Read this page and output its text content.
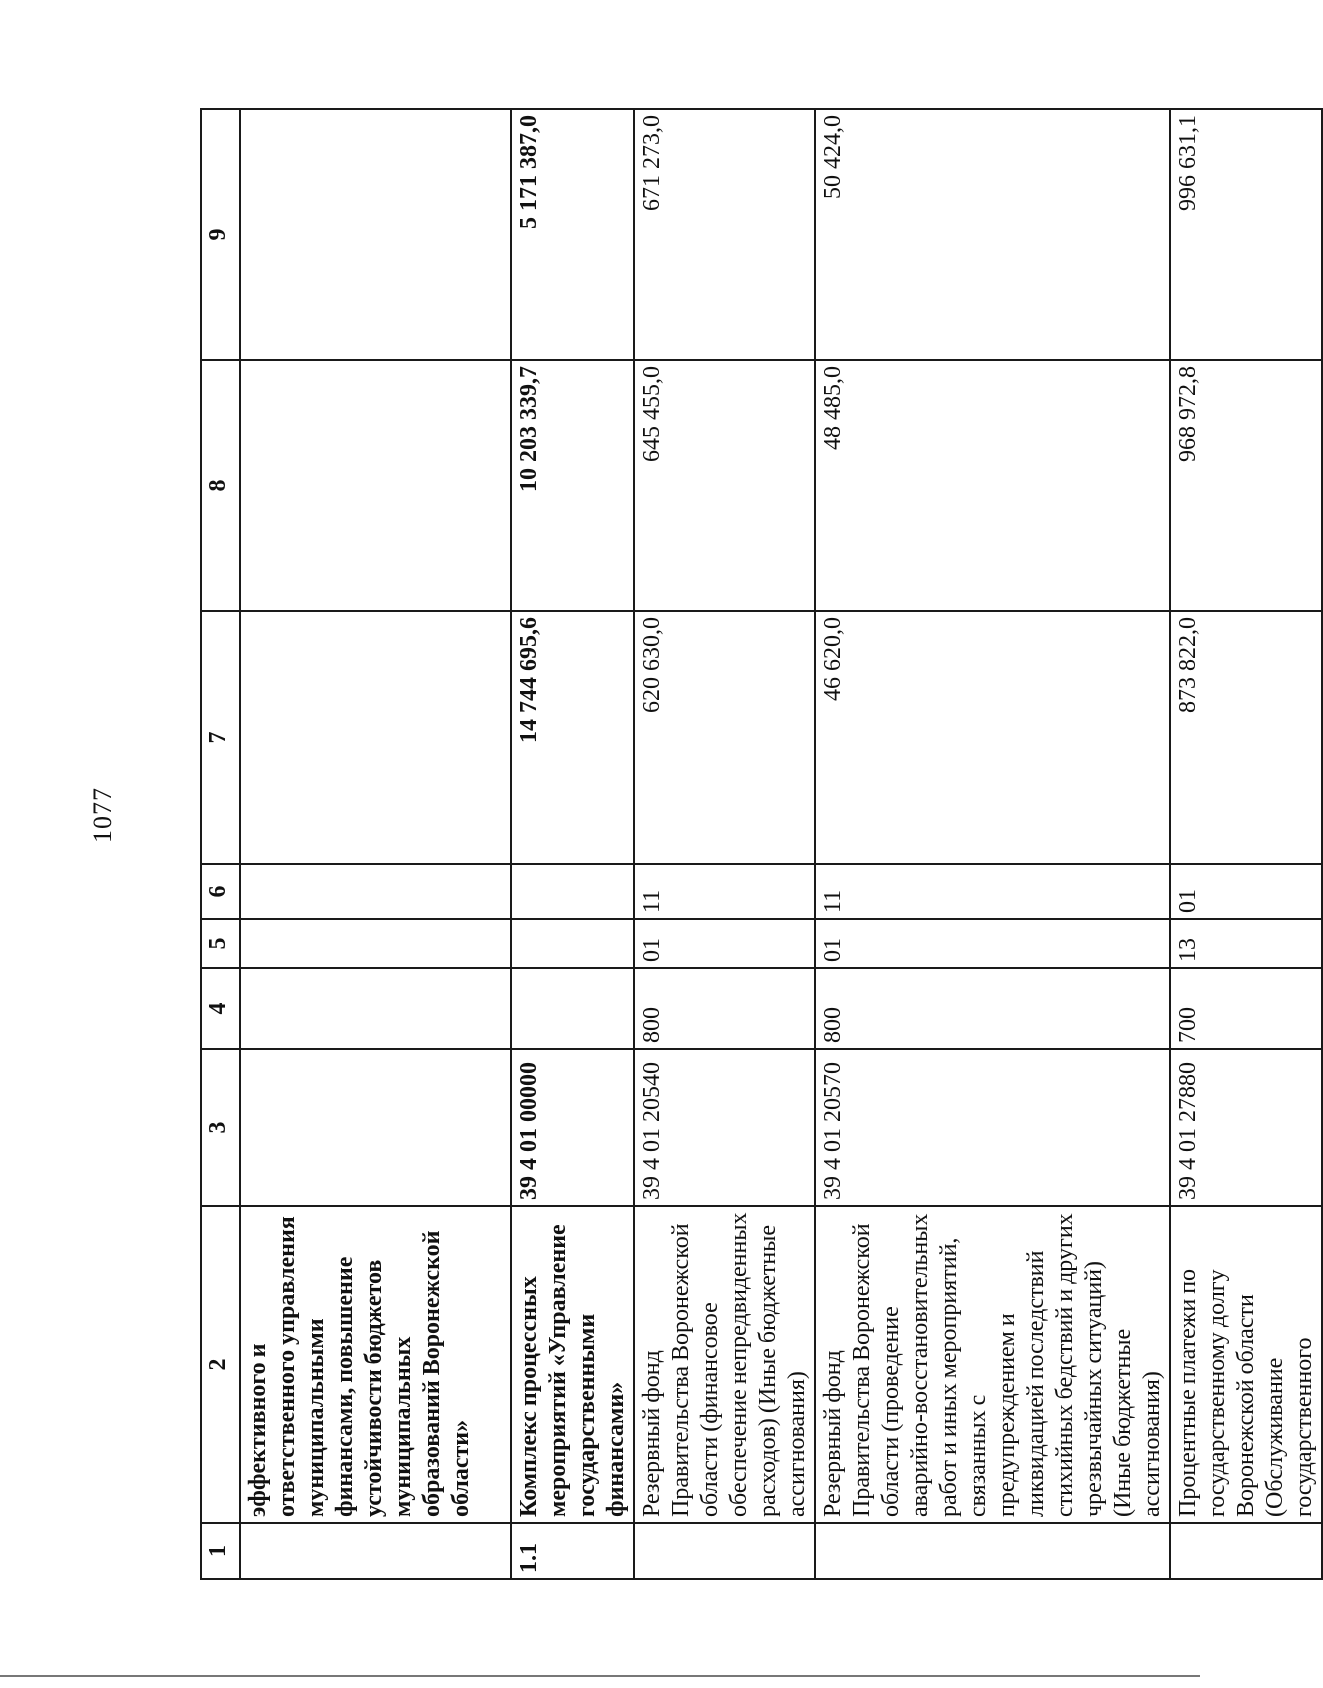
1077
1	2	3	4	5	6	7	8	9
	эффективного и ответственного управления муниципальными финансами, повышение устойчивости бюджетов муниципальных образований Воронежской области»							
1.1	Комплекс процессных мероприятий «Управление государственными финансами»	39 4 01 00000				14 744 695,6	10 203 339,7	5 171 387,0
	Резервный фонд Правительства Воронежской области (финансовое обеспечение непредвиденных расходов) (Иные бюджетные ассигнования)	39 4 01 20540	800	01	11	620 630,0	645 455,0	671 273,0
	Резервный фонд Правительства Воронежской области (проведение аварийно-восстановительных работ и иных мероприятий, связанных с предупреждением и ликвидацией последствий стихийных бедствий и других чрезвычайных ситуаций) (Иные бюджетные ассигнования)	39 4 01 20570	800	01	11	46 620,0	48 485,0	50 424,0
	Процентные платежи по государственному долгу Воронежской области (Обслуживание государственного	39 4 01 27880	700	13	01	873 822,0	968 972,8	996 631,1
